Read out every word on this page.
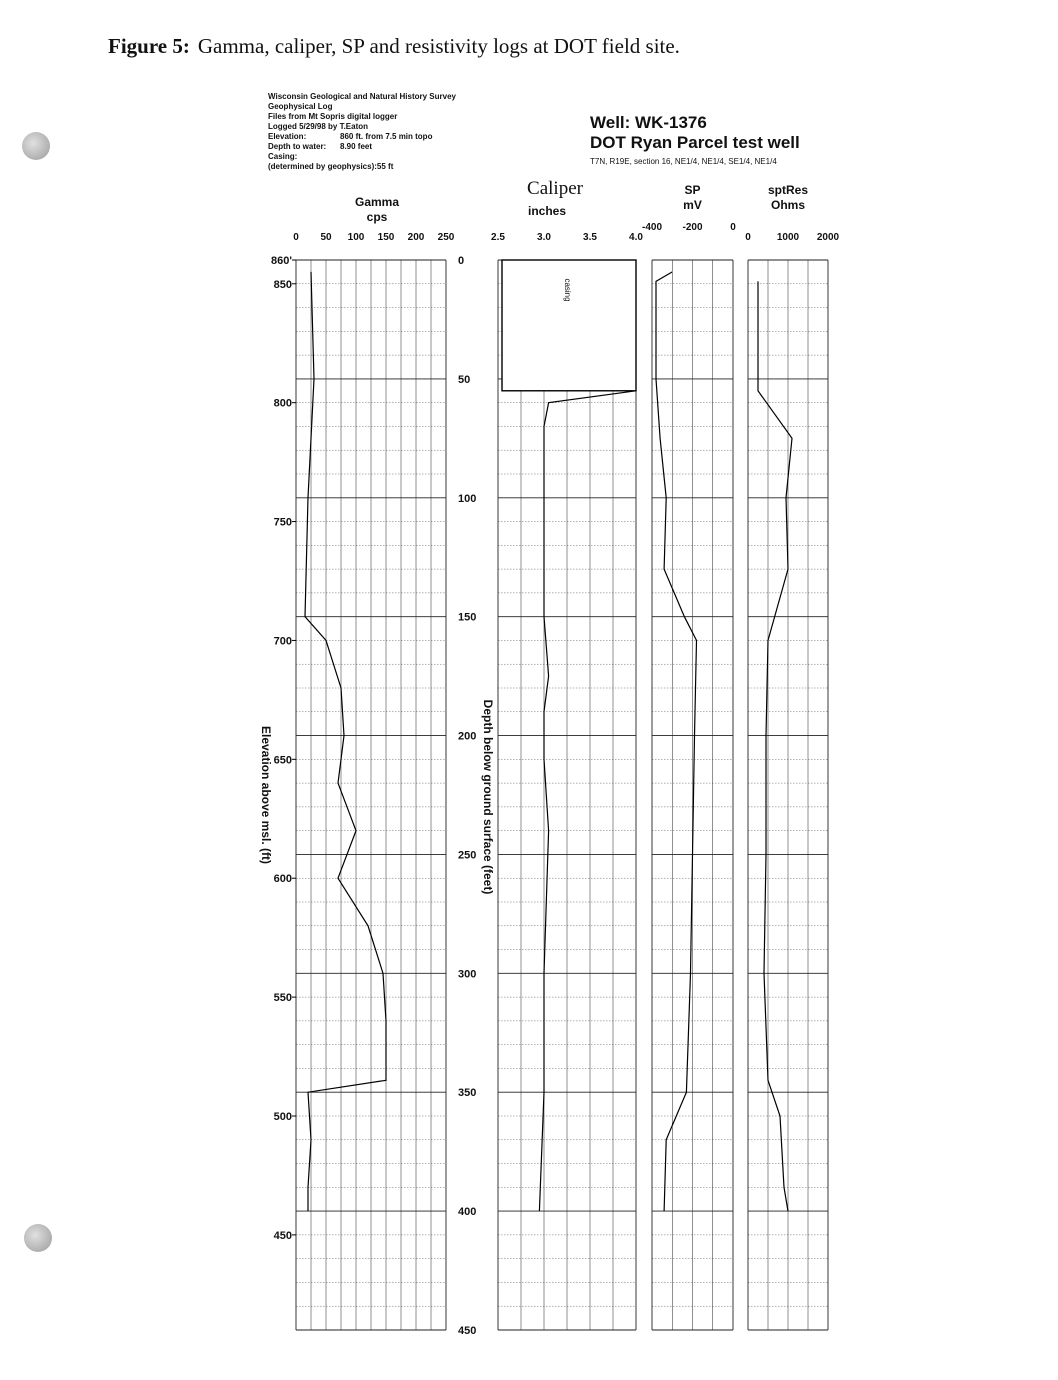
Figure 5: Gamma, caliper, SP and resistivity logs at DOT field site.
Wisconsin Geological and Natural History Survey
Geophysical Log
Files from Mt Sopris digital logger
Logged 5/29/98 by T.Eaton
Elevation:	860 ft. from 7.5 min topo
Depth to water:	8.90 feet
Casing:
(determined by geophysics):55 ft
Well: WK-1376
DOT Ryan Parcel test well
T7N, R19E, section 16, NE1/4, NE1/4, SE1/4, NE1/4
0 50 100 150 200 250
Gamma
cps
2.5	3.0	3.5	4.0
Caliper
inches
-400 -200	0
SP
mV
0	1000 2000
sptRes
Ohms
casing
860'
850
800
750
700
650
600
550
500
450
Elevation above msl. (ft)
0
50
100
150
200
250
300
350
400
450
Depth below ground surface (feet)
